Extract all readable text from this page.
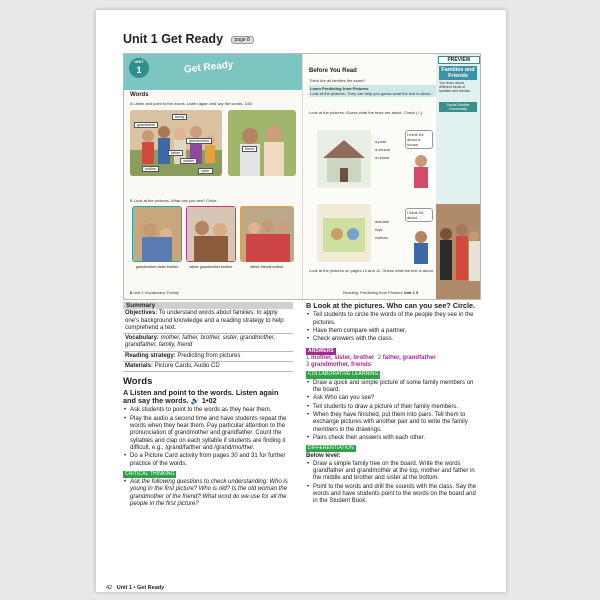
Unit 1 Get Ready page 8
UNIT
1	Get Ready
Words
A Listen and point to the words. Listen again and say the words. 1•02
family
grandfather
grandmother
father
mother
brother	sister
friend
B Look at the pictures. What can you see? Circle.
grandmother sister brother	father grandmother brother	father friends mother
8 Unit 1 Vocabulary: Family
Before You Read
Think Are all families the same?
Learn Predicting from Pictures
Look at the pictures. They can help you guess what the text is about.
Look at the pictures. Guess what the texts are about. Check (✓).
a park
a school
a house
I think it's about a house.
animals
toys
clothes
I think it's about ...
Look at the pictures on pages 10 and 11. Guess what the text is about.
Reading: Predicting from Pictures Unit 1 9
PREVIEW
Families and Friends
You learn about different kinds of families and friends.
Social Studies Community
Summary
Objectives: To understand words about families; to apply one's background knowledge and a reading strategy to help comprehend a text.
Vocabulary: mother, father, brother, sister, grandmother, grandfather, family, friend
Reading strategy: Predicting from pictures
Materials: Picture Cards, Audio CD
Words
A Listen and point to the words. Listen again and say the words. 🔊 1•02
• Ask students to point to the words as they hear them.
• Play the audio a second time and have students repeat the words when they hear them. Pay particular attention to the pronunciation of grandmother and grandfather. Count the syllables and clap on each syllable if students are finding it difficult, e.g., /grand/fa/ther and /grand/mo/ther.
• Do a Picture Card activity from pages 30 and 31 for further practice of the words.
CRITICAL THINKING
• Ask the following questions to check understanding: Who is young in the first picture? Who is old? Is the old woman the grandmother of the friend? What word do we use for all the people in the first picture?
B Look at the pictures. Who can you see? Circle.
• Tell students to circle the words of the people they see in the pictures.
• Have them compare with a partner.
• Check answers with the class.
ANSWERS
1 mother, sister, brother 2 father, grandfather
3 grandmother, friends
COLLABORATIVE LEARNING
• Draw a quick and simple picture of some family members on the board.
• Ask Who can you see?
• Tell students to draw a picture of their family members.
• When they have finished, put them into pairs. Tell them to exchange pictures with another pair and to write the family members in the drawings.
• Pairs check their answers with each other.
DIFFERENTIATION
Below level:
• Draw a simple family tree on the board. Write the words grandfather and grandmother at the top, mother and father in the middle and brother and sister at the bottom.
• Point to the words and drill the sounds with the class. Say the words and have students point to the words on the board and in the Student Book.
42 Unit 1 • Get Ready
